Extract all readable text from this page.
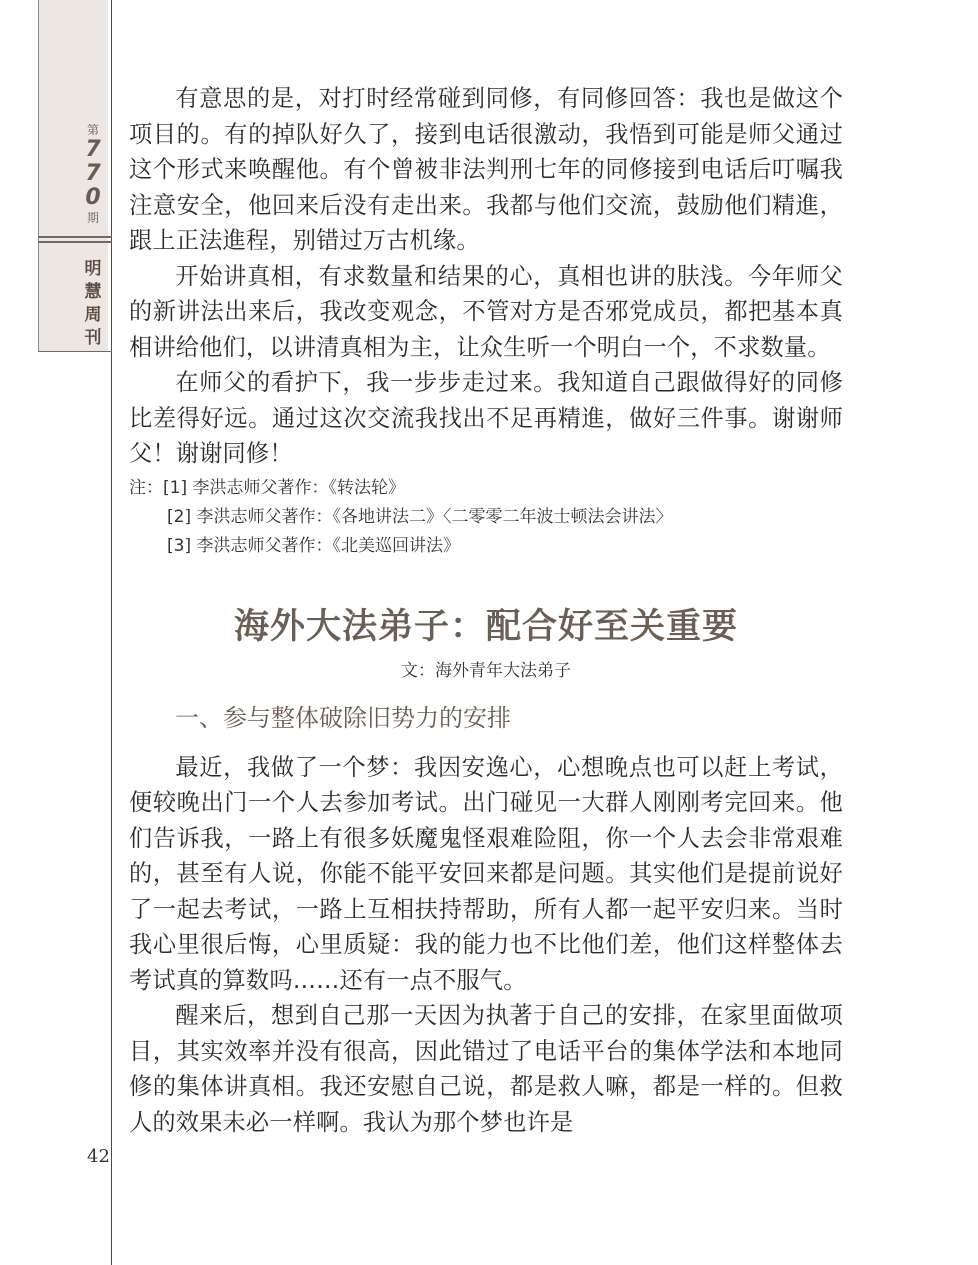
第
7
7
0
期
明
慧
周
刊
42

有意思的是，对打时经常碰到同修，有同修回答：我也是做这个项目的。有的掉队好久了，接到电话很激动，我悟到可能是师父通过这个形式来唤醒他。有个曾被非法判刑七年的同修接到电话后叮嘱我注意安全，他回来后没有走出来。我都与他们交流，鼓励他们精進，跟上正法進程，别错过万古机缘。

开始讲真相，有求数量和结果的心，真相也讲的肤浅。今年师父的新讲法出来后，我改变观念，不管对方是否邪党成员，都把基本真相讲给他们，以讲清真相为主，让众生听一个明白一个，不求数量。

在师父的看护下，我一步步走过来。我知道自己跟做得好的同修比差得好远。通过这次交流我找出不足再精進，做好三件事。谢谢师父！谢谢同修！

注：[1] 李洪志师父著作：《转法轮》
[2] 李洪志师父著作：《各地讲法二》〈二零零二年波士顿法会讲法〉
[3] 李洪志师父著作：《北美巡回讲法》
海外大法弟子：配合好至关重要
文：海外青年大法弟子
一、参与整体破除旧势力的安排

最近，我做了一个梦：我因安逸心，心想晚点也可以赶上考试，便较晚出门一个人去参加考试。出门碰见一大群人刚刚考完回来。他们告诉我，一路上有很多妖魔鬼怪艰难险阻，你一个人去会非常艰难的，甚至有人说，你能不能平安回来都是问题。其实他们是提前说好了一起去考试，一路上互相扶持帮助，所有人都一起平安归来。当时我心里很后悔，心里质疑：我的能力也不比他们差，他们这样整体去考试真的算数吗……还有一点不服气。

醒来后，想到自己那一天因为执著于自己的安排，在家里面做项目，其实效率并没有很高，因此错过了电话平台的集体学法和本地同修的集体讲真相。我还安慰自己说，都是救人嘛，都是一样的。但救人的效果未必一样啊。我认为那个梦也许是
